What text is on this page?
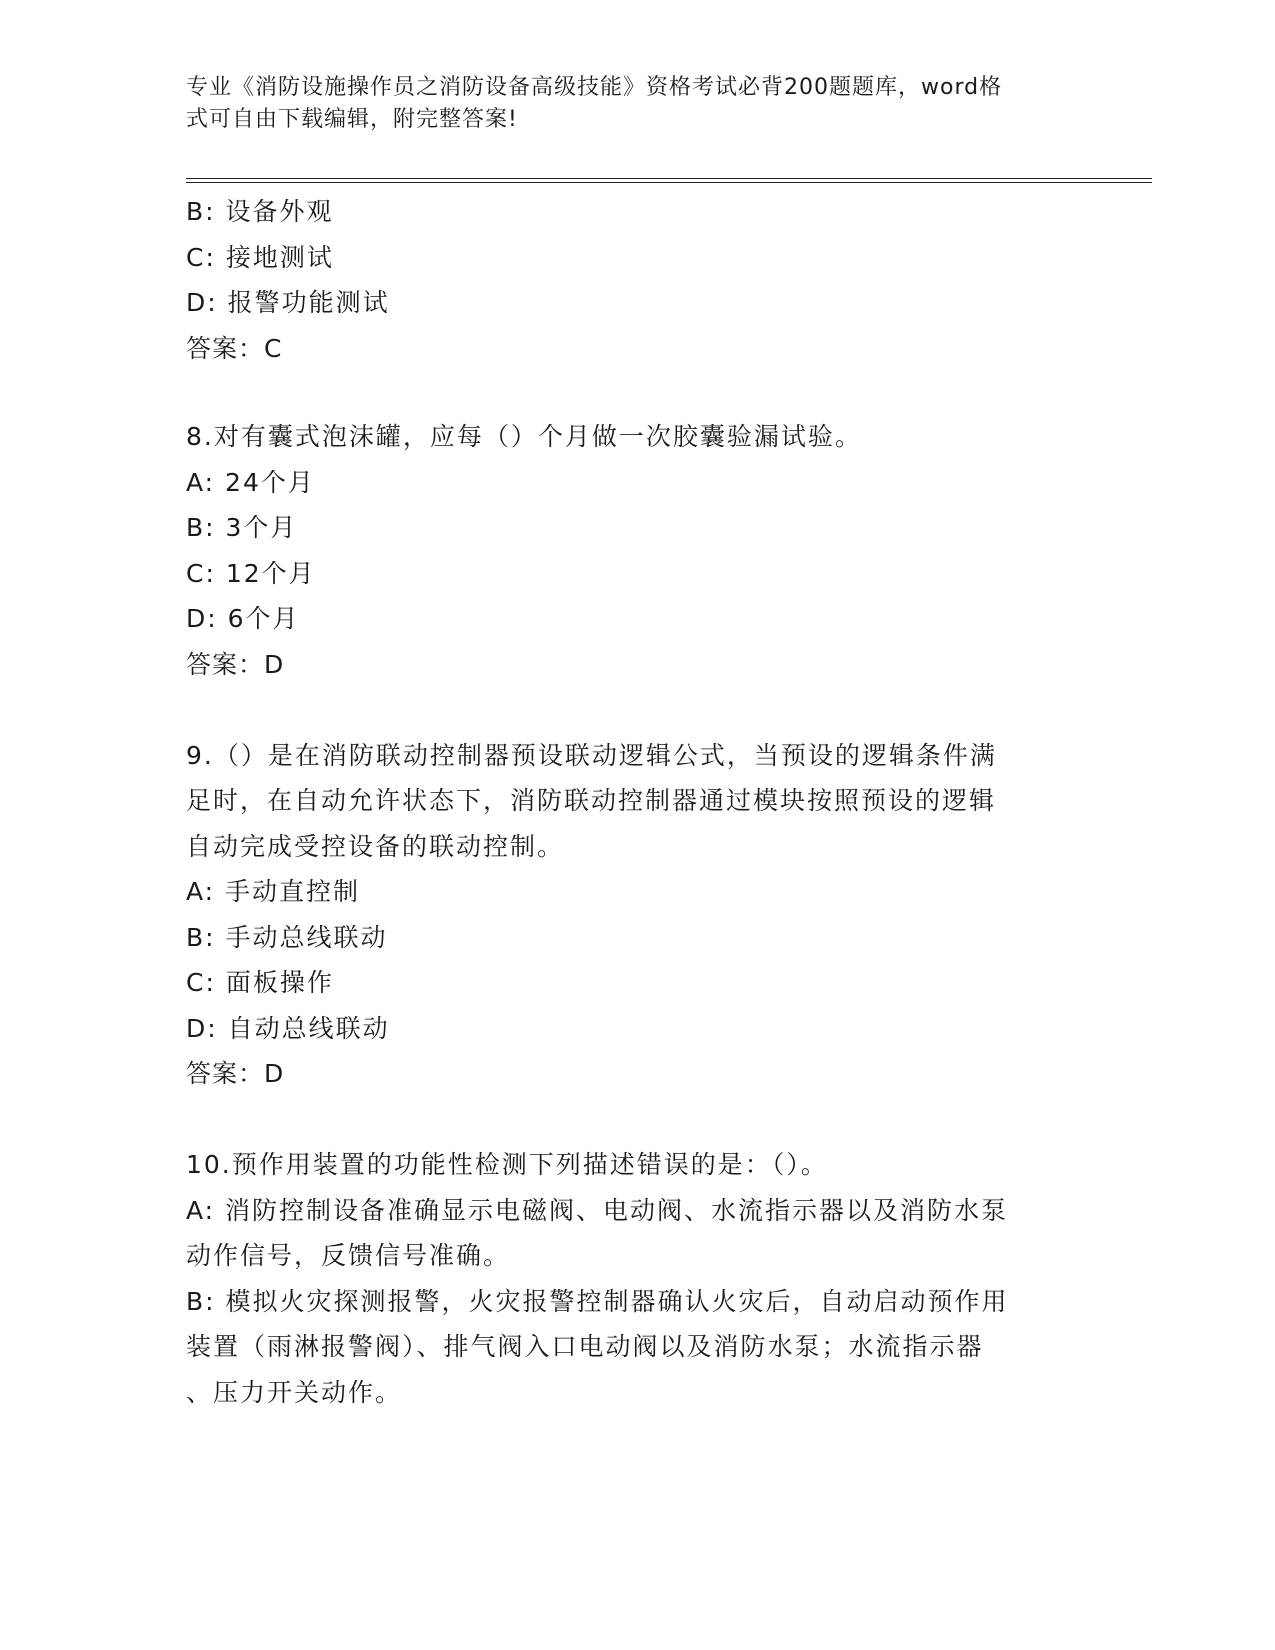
专业《消防设施操作员之消防设备高级技能》资格考试必背200题题库，word格
式可自由下载编辑，附完整答案!
B: 设备外观
C: 接地测试
D: 报警功能测试
答案：C
8.对有囊式泡沫罐，应每（）个月做一次胶囊验漏试验。
A: 24个月
B: 3个月
C: 12个月
D: 6个月
答案：D
9.（）是在消防联动控制器预设联动逻辑公式，当预设的逻辑条件满
足时，在自动允许状态下，消防联动控制器通过模块按照预设的逻辑
自动完成受控设备的联动控制。
A: 手动直控制
B: 手动总线联动
C: 面板操作
D: 自动总线联动
答案：D
10.预作用装置的功能性检测下列描述错误的是：（）。
A: 消防控制设备准确显示电磁阀、电动阀、水流指示器以及消防水泵
动作信号，反馈信号准确。
B: 模拟火灾探测报警，火灾报警控制器确认火灾后，自动启动预作用
装置（雨淋报警阀）、排气阀入口电动阀以及消防水泵；水流指示器
、压力开关动作。
